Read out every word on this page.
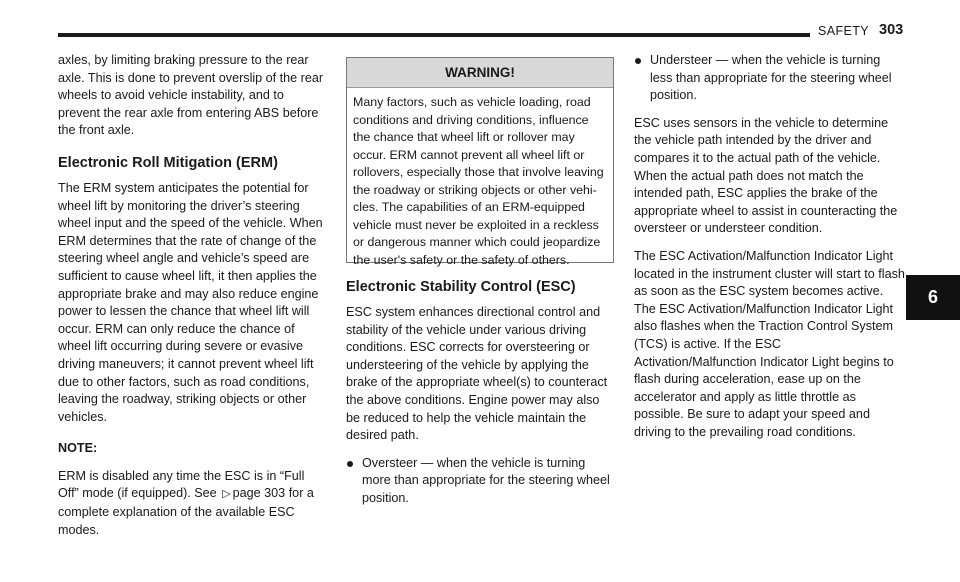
SAFETY 303
6

axles, by limiting braking pressure to the rear axle. This is done to prevent overslip of the rear wheels to avoid vehicle instability, and to prevent the rear axle from entering ABS before the front axle.

Electronic Roll Mitigation (ERM)

The ERM system anticipates the potential for wheel lift by monitoring the driver’s steering wheel input and the speed of the vehicle. When ERM determines that the rate of change of the steering wheel angle and vehicle’s speed are sufficient to cause wheel lift, it then applies the appropriate brake and may also reduce engine power to lessen the chance that wheel lift will occur. ERM can only reduce the chance of wheel lift occurring during severe or evasive driving maneuvers; it cannot prevent wheel lift due to other factors, such as road conditions, leaving the roadway, striking objects or other vehicles.

NOTE:

ERM is disabled any time the ESC is in “Full Off” mode (if equipped). See ▷ page 303 for a complete explanation of the available ESC modes.

WARNING!
Many factors, such as vehicle loading, road conditions and driving conditions, influence the chance that wheel lift or rollover may occur. ERM cannot prevent all wheel lift or rollovers, especially those that involve leaving the roadway or striking objects or other vehicles. The capabilities of an ERM-equipped vehicle must never be exploited in a reckless or dangerous manner which could jeopardize the user's safety or the safety of others.
Electronic Stability Control (ESC)

ESC system enhances directional control and stability of the vehicle under various driving conditions. ESC corrects for oversteering or understeering of the vehicle by applying the brake of the appropriate wheel(s) to counteract the above conditions. Engine power may also be reduced to help the vehicle maintain the desired path.

Oversteer — when the vehicle is turning more than appropriate for the steering wheel position.
Understeer — when the vehicle is turning less than appropriate for the steering wheel position.

ESC uses sensors in the vehicle to determine the vehicle path intended by the driver and compares it to the actual path of the vehicle. When the actual path does not match the intended path, ESC applies the brake of the appropriate wheel to assist in counteracting the oversteer or understeer condition.

The ESC Activation/Malfunction Indicator Light located in the instrument cluster will start to flash as soon as the ESC system becomes active. The ESC Activation/Malfunction Indicator Light also flashes when the Traction Control System (TCS) is active. If the ESC Activation/Malfunction Indicator Light begins to flash during acceleration, ease up on the accelerator and apply as little throttle as possible. Be sure to adapt your speed and driving to the prevailing road conditions.
